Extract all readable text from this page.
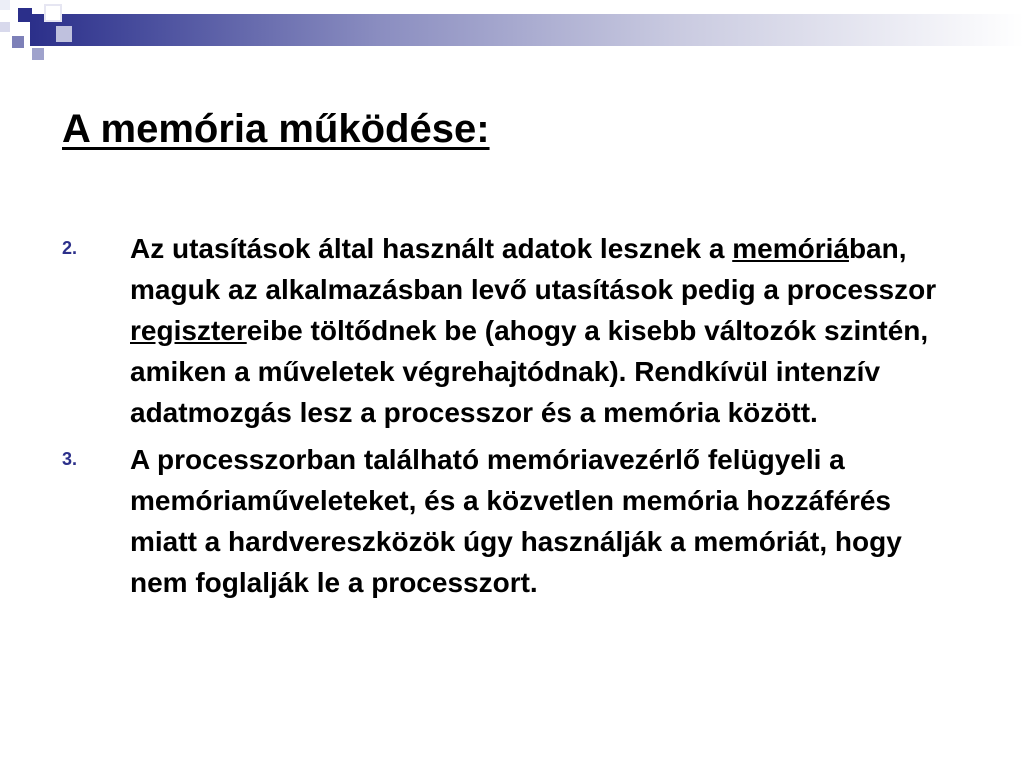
A memória működése:
2.	Az utasítások által használt adatok lesznek a memóriában, maguk az alkalmazásban levő utasítások pedig a processzor regisztereibe töltődnek be (ahogy a kisebb változók szintén, amiken a műveletek végrehajtódnak). Rendkívül intenzív adatmozgás lesz a processzor és a memória között.

3.	A processzorban található memóriavezérlő felügyeli a memóriaműveleteket, és a közvetlen memória hozzáférés miatt a hardvereszközök úgy használják a memóriát, hogy nem foglalják le a processzort.
